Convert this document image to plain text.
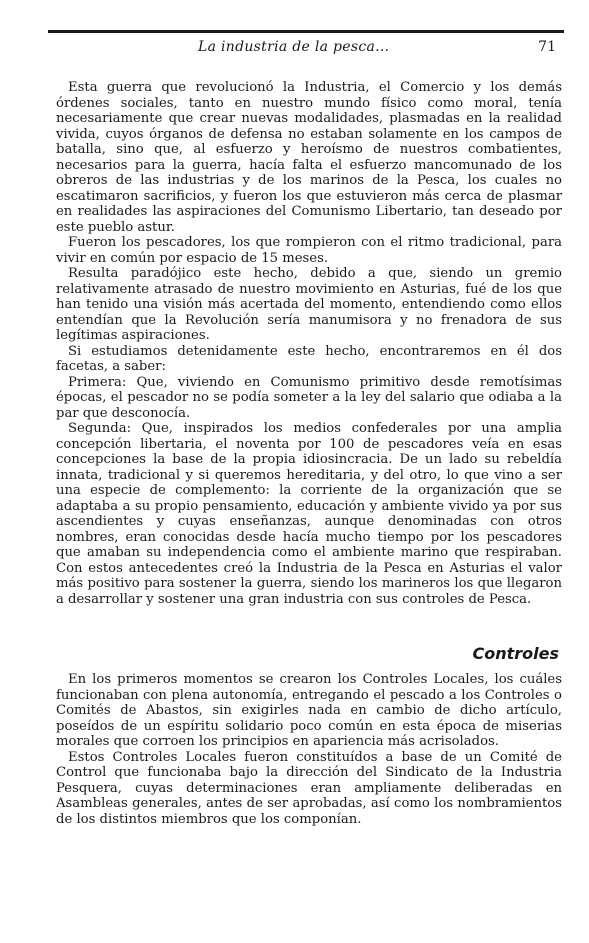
La industria de la pesca...	71

Esta guerra que revolucionó la Industria, el Comercio y los demás órdenes sociales, tanto en nuestro mundo físico como moral, tenía necesariamente que crear nuevas modalidades, plasmadas en la realidad vivida, cuyos órganos de defensa no estaban solamente en los campos de batalla, sino que, al esfuerzo y heroísmo de nuestros combatientes, necesarios para la guerra, hacía falta el esfuerzo mancomunado de los obreros de las industrias y de los marinos de la Pesca, los cuales no escatimaron sacrificios, y fueron los que estuvieron más cerca de plasmar en realidades las aspiraciones del Comunismo Libertario, tan deseado por este pueblo astur.

Fueron los pescadores, los que rompieron con el ritmo tradicional, para vivir en común por espacio de 15 meses.

Resulta paradójico este hecho, debido a que, siendo un gremio relativamente atrasado de nuestro movimiento en Asturias, fué de los que han tenido una visión más acertada del momento, entendiendo como ellos entendían que la Revolución sería manumisora y no frenadora de sus legítimas aspiraciones.

Si estudiamos detenidamente este hecho, encontraremos en él dos facetas, a saber:

Primera: Que, viviendo en Comunismo primitivo desde remotísimas épocas, el pescador no se podía someter a la ley del salario que odiaba a la par que desconocía.

Segunda: Que, inspirados los medios confederales por una amplia concepción libertaria, el noventa por 100 de pescadores veía en esas concepciones la base de la propia idiosincracia. De un lado su rebeldía innata, tradicional y si queremos hereditaria, y del otro, lo que vino a ser una especie de complemento: la corriente de la organización que se adaptaba a su propio pensamiento, educación y ambiente vivido ya por sus ascendientes y cuyas enseñanzas, aunque denominadas con otros nombres, eran conocidas desde hacía mucho tiempo por los pescadores que amaban su independencia como el ambiente marino que respiraban. Con estos antecedentes creó la Industria de la Pesca en Asturias el valor más positivo para sostener la guerra, siendo los marineros los que llegaron a desarrollar y sostener una gran industria con sus controles de Pesca.

Controles

En los primeros momentos se crearon los Controles Locales, los cuáles funcionaban con plena autonomía, entregando el pescado a los Controles o Comités de Abastos, sin exigirles nada en cambio de dicho artículo, poseídos de un espíritu solidario poco común en esta época de miserias morales que corroen los principios en apariencia más acrisolados.

Estos Controles Locales fueron constituídos a base de un Comité de Control que funcionaba bajo la dirección del Sindicato de la Industria Pesquera, cuyas determinaciones eran ampliamente deliberadas en Asambleas generales, antes de ser aprobadas, así como los nombramientos de los distintos miembros que los componían.
